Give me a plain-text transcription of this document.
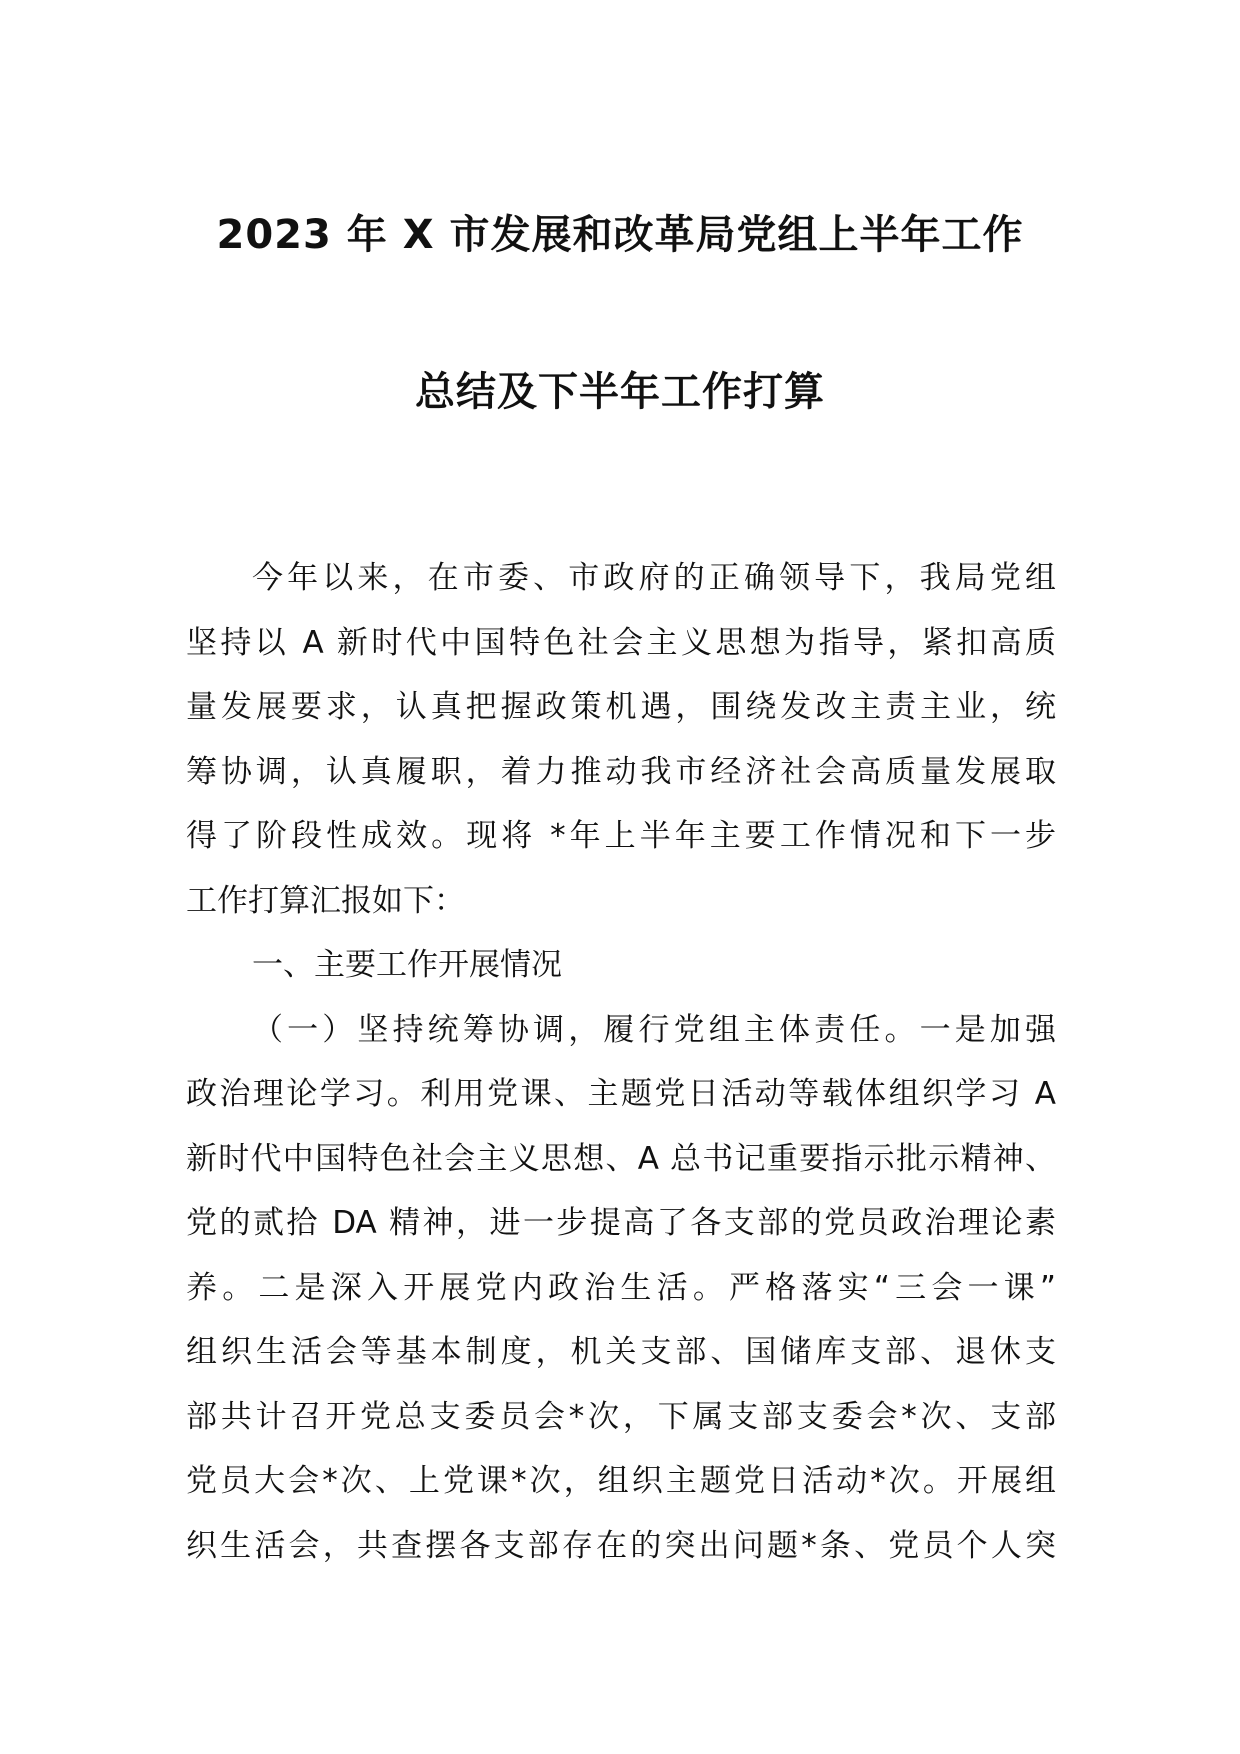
2023 年 X 市发展和改革局党组上半年工作
总结及下半年工作打算
今年以来，在市委、市政府的正确领导下，我局党组
坚持以 A 新时代中国特色社会主义思想为指导，紧扣高质
量发展要求，认真把握政策机遇，围绕发改主责主业，统
筹协调，认真履职，着力推动我市经济社会高质量发展取
得了阶段性成效。现将 *年上半年主要工作情况和下一步
工作打算汇报如下：
一、主要工作开展情况
（一）坚持统筹协调，履行党组主体责任。一是加强
政治理论学习。利用党课、主题党日活动等载体组织学习 A
新时代中国特色社会主义思想、A 总书记重要指示批示精神、
党的贰拾 DA 精神，进一步提高了各支部的党员政治理论素
养。二是深入开展党内政治生活。严格落实“三会一课”
组织生活会等基本制度，机关支部、国储库支部、退休支
部共计召开党总支委员会*次，下属支部支委会*次、支部
党员大会*次、上党课*次，组织主题党日活动*次。开展组
织生活会，共查摆各支部存在的突出问题*条、党员个人突
